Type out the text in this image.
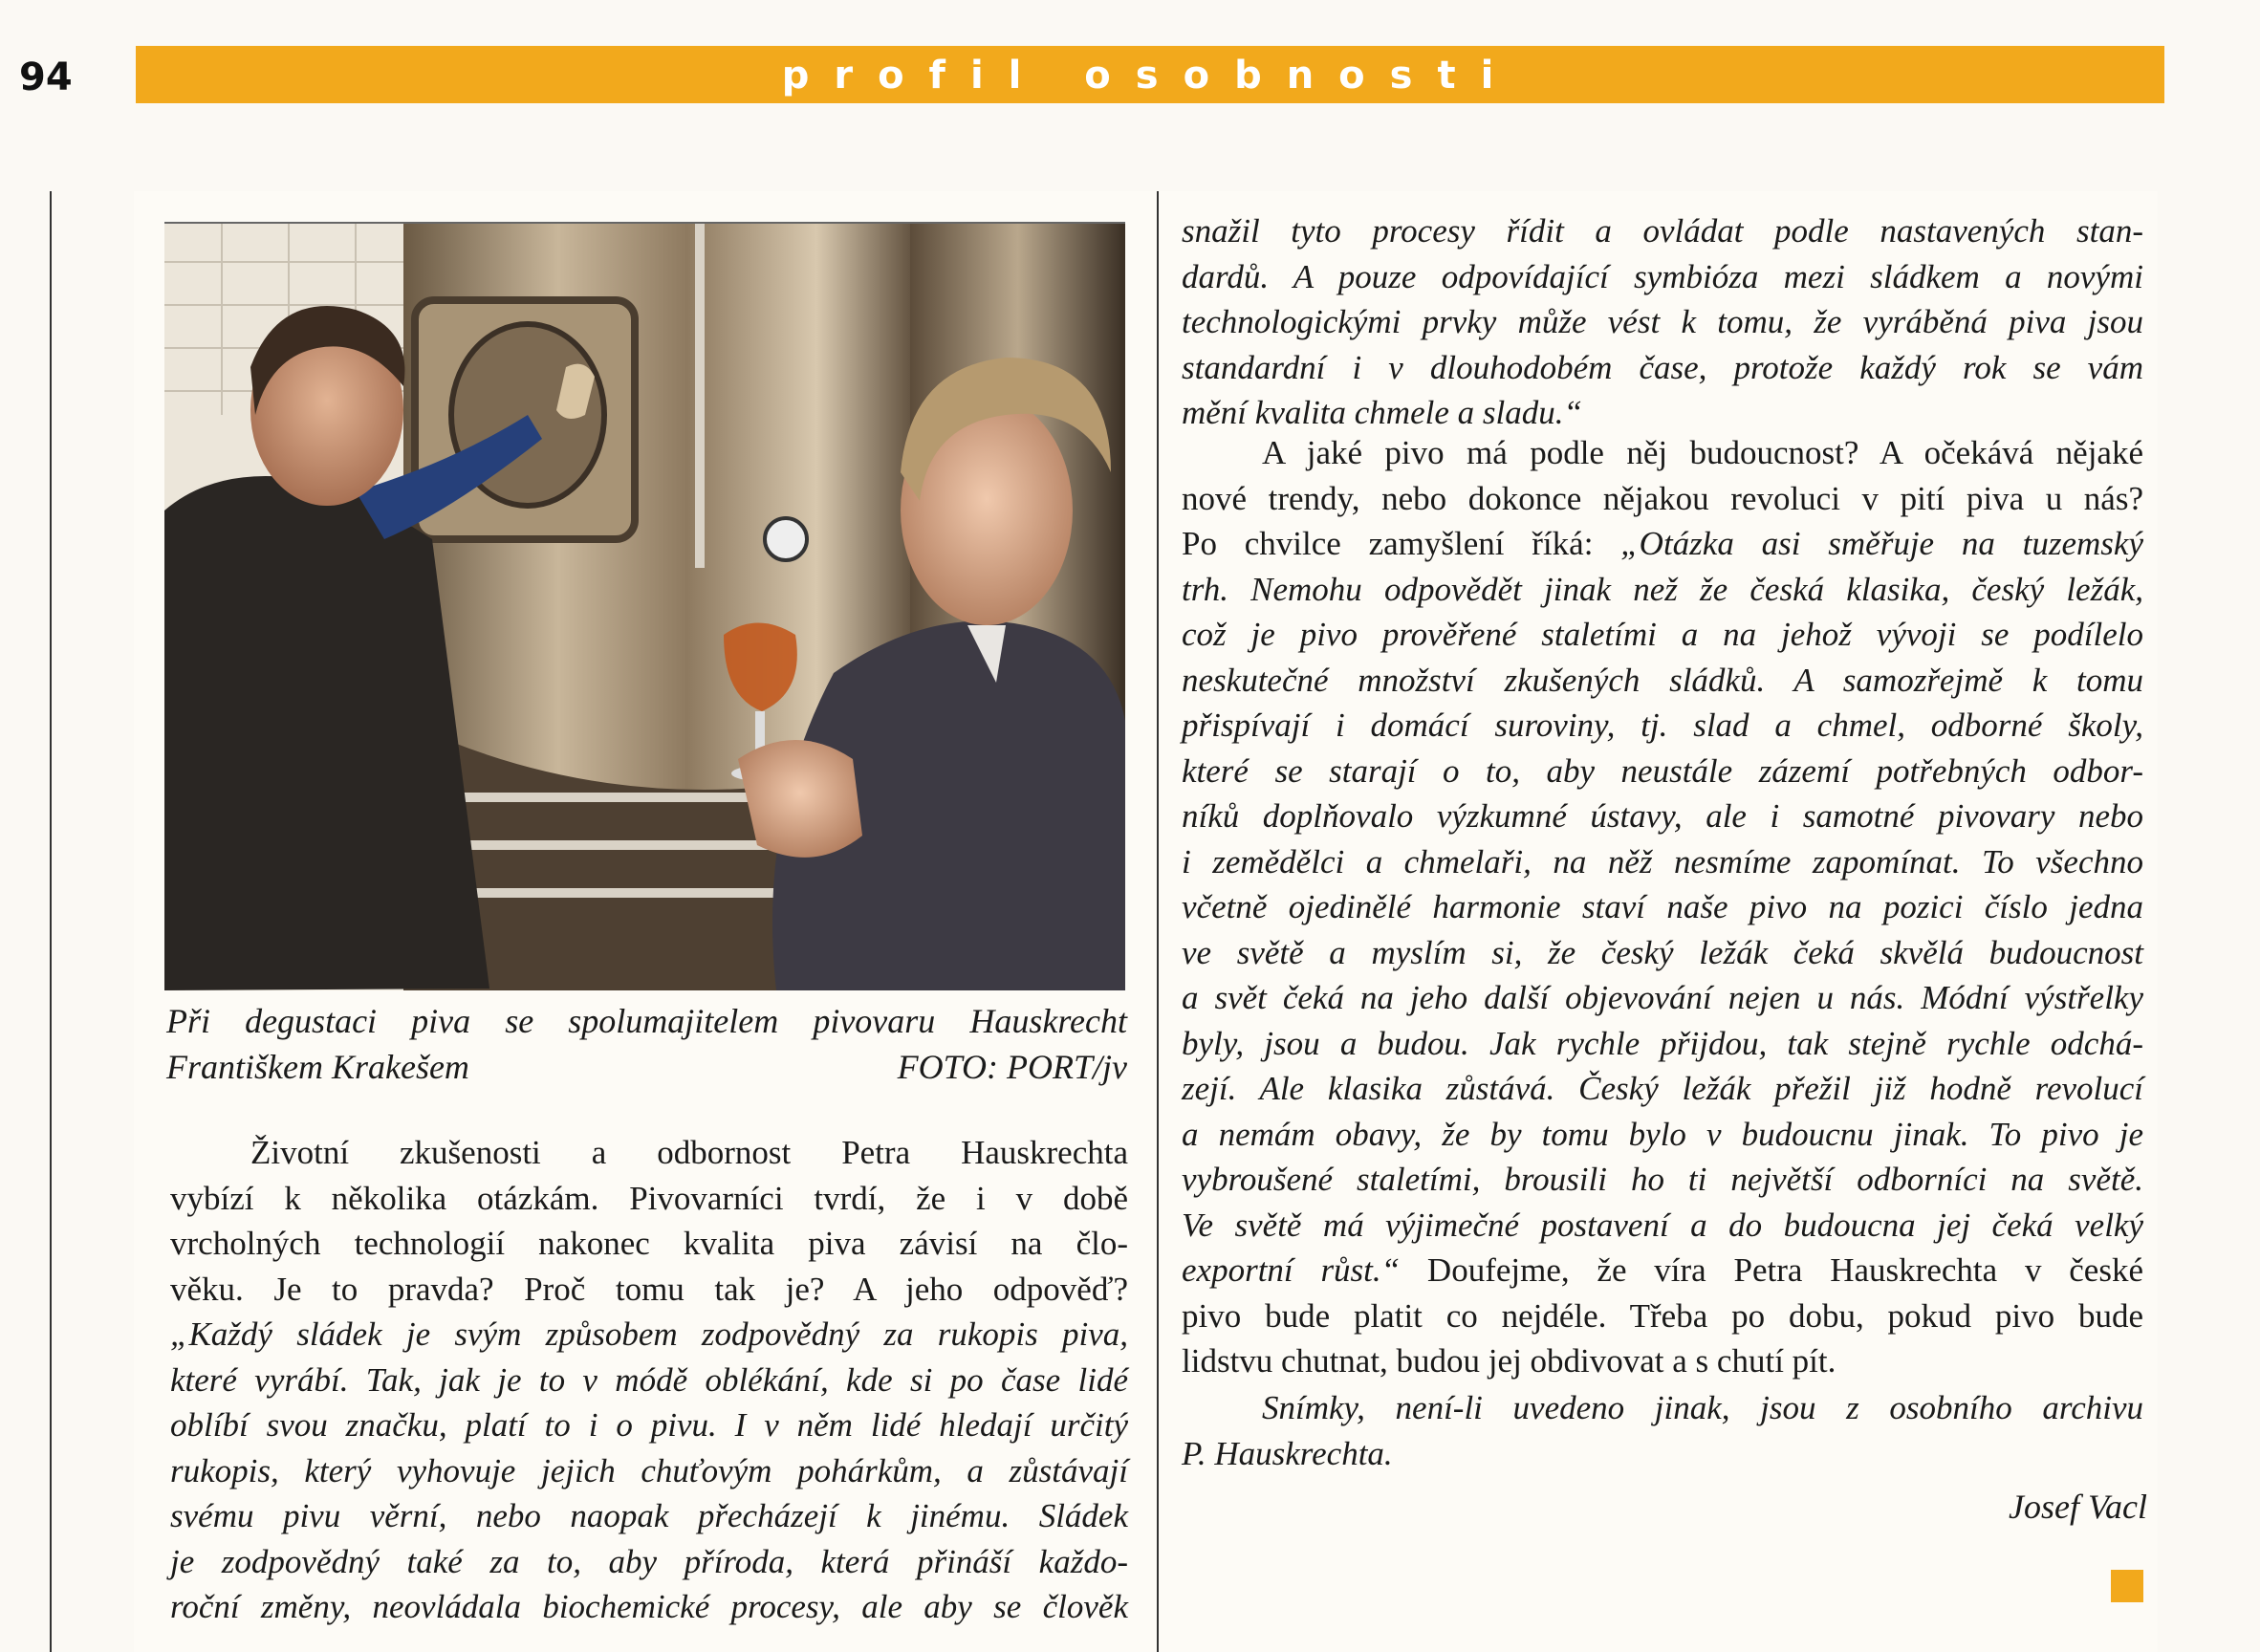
94	profil osobnosti
Při degustaci piva se spolumajitelem pivovaru Hauskrecht
Františkem Krakešem	FOTO: PORT/jv
Životní zkušenosti a odbornost Petra Hauskrechta
vybízí k několika otázkám. Pivovarníci tvrdí, že i v době
vrcholných technologií nakonec kvalita piva závisí na člo-
věku. Je to pravda? Proč tomu tak je? A jeho odpověď?
„Každý sládek je svým způsobem zodpovědný za rukopis piva,
které vyrábí. Tak, jak je to v módě oblékání, kde si po čase lidé
oblíbí svou značku, platí to i o pivu. I v něm lidé hledají určitý
rukopis, který vyhovuje jejich chuťovým pohárkům, a zůstávají
svému pivu věrní, nebo naopak přecházejí k jinému. Sládek
je zodpovědný také za to, aby příroda, která přináší každo-
roční změny, neovládala biochemické procesy, ale aby se člověk
snažil tyto procesy řídit a ovládat podle nastavených stan-
dardů. A pouze odpovídající symbióza mezi sládkem a novými
technologickými prvky může vést k tomu, že vyráběná piva jsou
standardní i v dlouhodobém čase, protože každý rok se vám
mění kvalita chmele a sladu.“
A jaké pivo má podle něj budoucnost? A očekává nějaké
nové trendy, nebo dokonce nějakou revoluci v pití piva u nás?
Po chvilce zamyšlení říká: „Otázka asi směřuje na tuzemský
trh. Nemohu odpovědět jinak než že česká klasika, český ležák,
což je pivo prověřené staletími a na jehož vývoji se podílelo
neskutečné množství zkušených sládků. A samozřejmě k tomu
přispívají i domácí suroviny, tj. slad a chmel, odborné školy,
které se starají o to, aby neustále zázemí potřebných odbor-
níků doplňovalo výzkumné ústavy, ale i samotné pivovary nebo
i zemědělci a chmelaři, na něž nesmíme zapomínat. To všechno
včetně ojedinělé harmonie staví naše pivo na pozici číslo jedna
ve světě a myslím si, že český ležák čeká skvělá budoucnost
a svět čeká na jeho další objevování nejen u nás. Módní výstřelky
byly, jsou a budou. Jak rychle přijdou, tak stejně rychle odchá-
zejí. Ale klasika zůstává. Český ležák přežil již hodně revolucí
a nemám obavy, že by tomu bylo v budoucnu jinak. To pivo je
vybroušené staletími, brousili ho ti největší odborníci na světě.
Ve světě má výjimečné postavení a do budoucna jej čeká velký
exportní růst.“ Doufejme, že víra Petra Hauskrechta v české
pivo bude platit co nejdéle. Třeba po dobu, pokud pivo bude
lidstvu chutnat, budou jej obdivovat a s chutí pít.
Snímky, není-li uvedeno jinak, jsou z osobního archivu
P. Hauskrechta.
Josef Vacl
